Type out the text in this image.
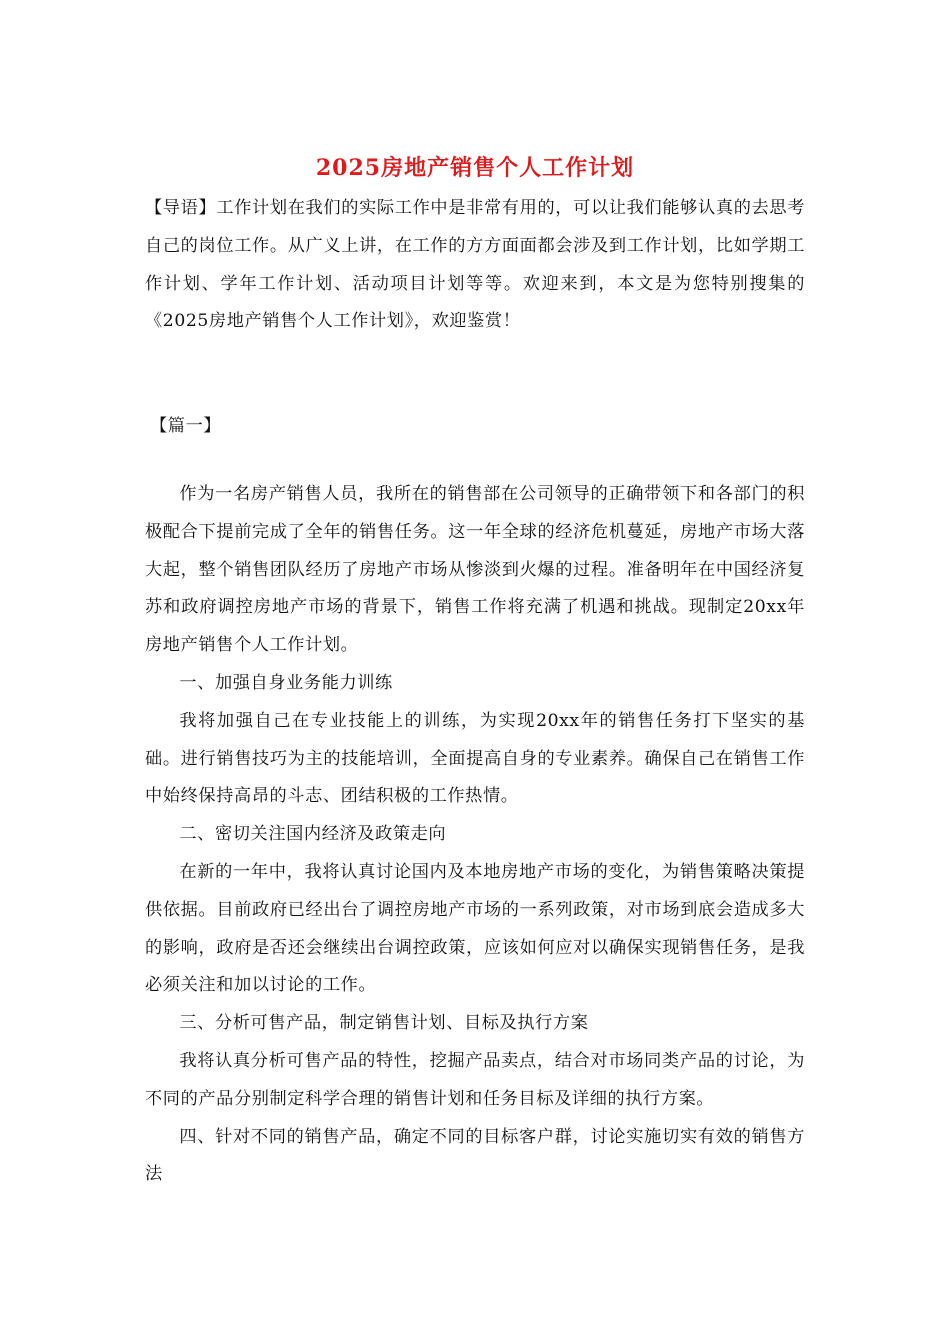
2025房地产销售个人工作计划
【导语】工作计划在我们的实际工作中是非常有用的，可以让我们能够认真的去思考自己的岗位工作。从广义上讲，在工作的方方面面都会涉及到工作计划，比如学期工作计划、学年工作计划、活动项目计划等等。欢迎来到，本文是为您特别搜集的《2025房地产销售个人工作计划》，欢迎鉴赏！
【篇一】

作为一名房产销售人员，我所在的销售部在公司领导的正确带领下和各部门的积极配合下提前完成了全年的销售任务。这一年全球的经济危机蔓延，房地产市场大落大起，整个销售团队经历了房地产市场从惨淡到火爆的过程。准备明年在中国经济复苏和政府调控房地产市场的背景下，销售工作将充满了机遇和挑战。现制定20xx年房地产销售个人工作计划。

一、加强自身业务能力训练

我将加强自己在专业技能上的训练，为实现20xx年的销售任务打下坚实的基础。进行销售技巧为主的技能培训，全面提高自身的专业素养。确保自己在销售工作中始终保持高昂的斗志、团结积极的工作热情。

二、密切关注国内经济及政策走向

在新的一年中，我将认真讨论国内及本地房地产市场的变化，为销售策略决策提供依据。目前政府已经出台了调控房地产市场的一系列政策，对市场到底会造成多大的影响，政府是否还会继续出台调控政策，应该如何应对以确保实现销售任务，是我必须关注和加以讨论的工作。

三、分析可售产品，制定销售计划、目标及执行方案

我将认真分析可售产品的特性，挖掘产品卖点，结合对市场同类产品的讨论，为不同的产品分别制定科学合理的销售计划和任务目标及详细的执行方案。

四、针对不同的销售产品，确定不同的目标客户群，讨论实施切实有效的销售方法
